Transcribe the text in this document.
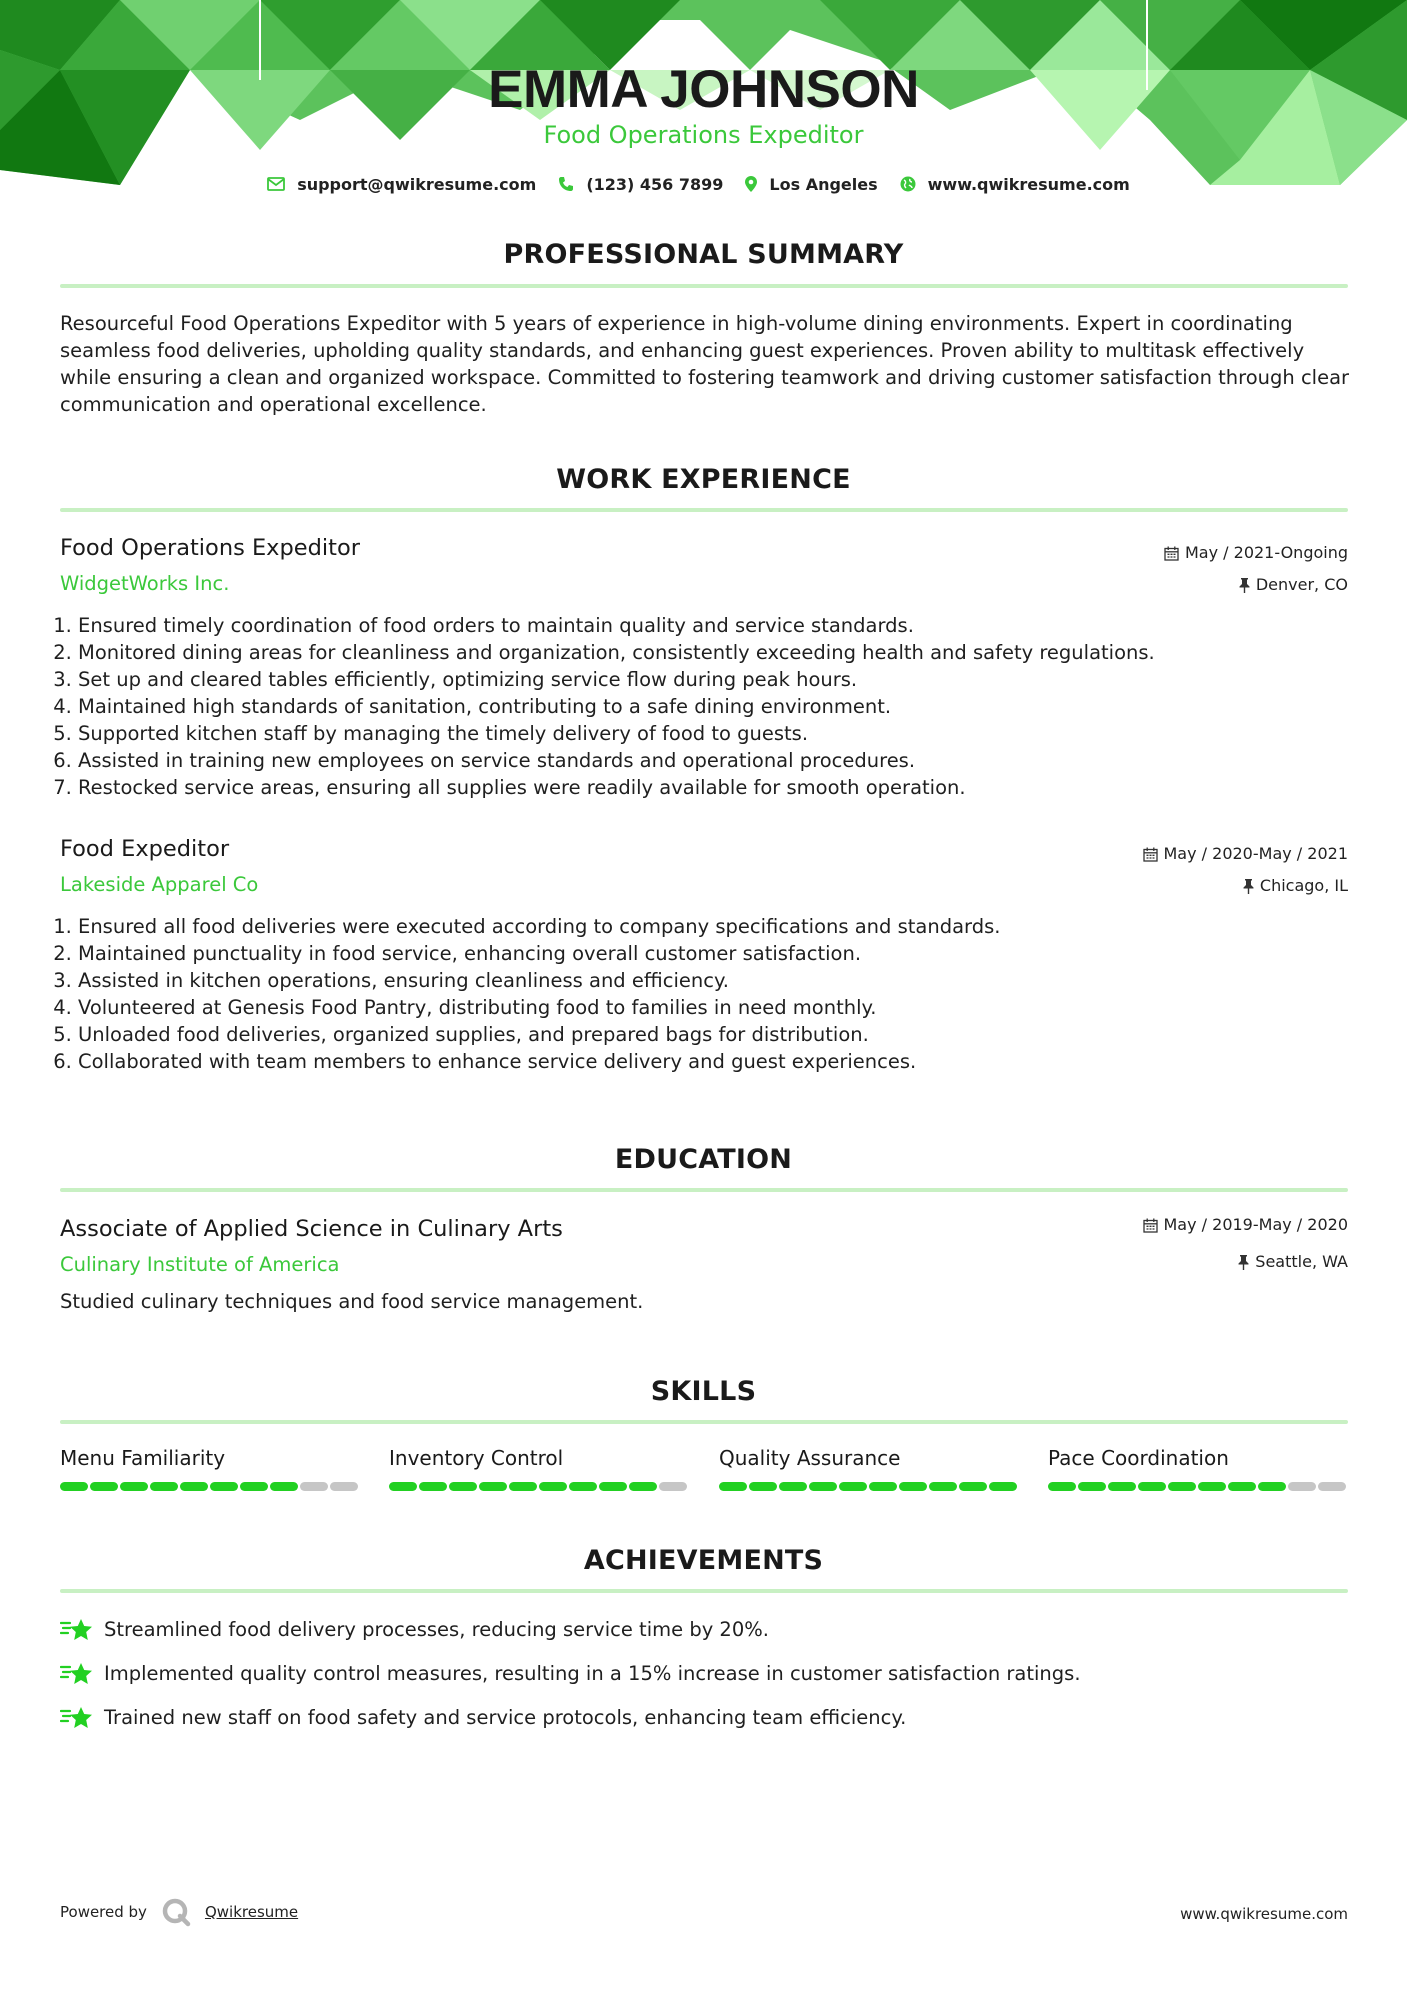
EMMA JOHNSON
Food Operations Expeditor
support@qwikresume.com	(123) 456 7899	Los Angeles	www.qwikresume.com
PROFESSIONAL SUMMARY
Resourceful Food Operations Expeditor with 5 years of experience in high-volume dining environments. Expert in coordinating seamless food deliveries, upholding quality standards, and enhancing guest experiences. Proven ability to multitask effectively while ensuring a clean and organized workspace. Committed to fostering teamwork and driving customer satisfaction through clear communication and operational excellence.
WORK EXPERIENCE
Food Operations Expeditor
WidgetWorks Inc.
May / 2021-Ongoing
Denver, CO
1. Ensured timely coordination of food orders to maintain quality and service standards.
2. Monitored dining areas for cleanliness and organization, consistently exceeding health and safety regulations.
3. Set up and cleared tables efficiently, optimizing service flow during peak hours.
4. Maintained high standards of sanitation, contributing to a safe dining environment.
5. Supported kitchen staff by managing the timely delivery of food to guests.
6. Assisted in training new employees on service standards and operational procedures.
7. Restocked service areas, ensuring all supplies were readily available for smooth operation.
Food Expeditor
Lakeside Apparel Co
May / 2020-May / 2021
Chicago, IL
1. Ensured all food deliveries were executed according to company specifications and standards.
2. Maintained punctuality in food service, enhancing overall customer satisfaction.
3. Assisted in kitchen operations, ensuring cleanliness and efficiency.
4. Volunteered at Genesis Food Pantry, distributing food to families in need monthly.
5. Unloaded food deliveries, organized supplies, and prepared bags for distribution.
6. Collaborated with team members to enhance service delivery and guest experiences.
EDUCATION
Associate of Applied Science in Culinary Arts
Culinary Institute of America
May / 2019-May / 2020
Seattle, WA
Studied culinary techniques and food service management.
SKILLS
Menu Familiarity	Inventory Control	Quality Assurance	Pace Coordination
ACHIEVEMENTS
Streamlined food delivery processes, reducing service time by 20%.
Implemented quality control measures, resulting in a 15% increase in customer satisfaction ratings.
Trained new staff on food safety and service protocols, enhancing team efficiency.
Powered by	Qwikresume	www.qwikresume.com
